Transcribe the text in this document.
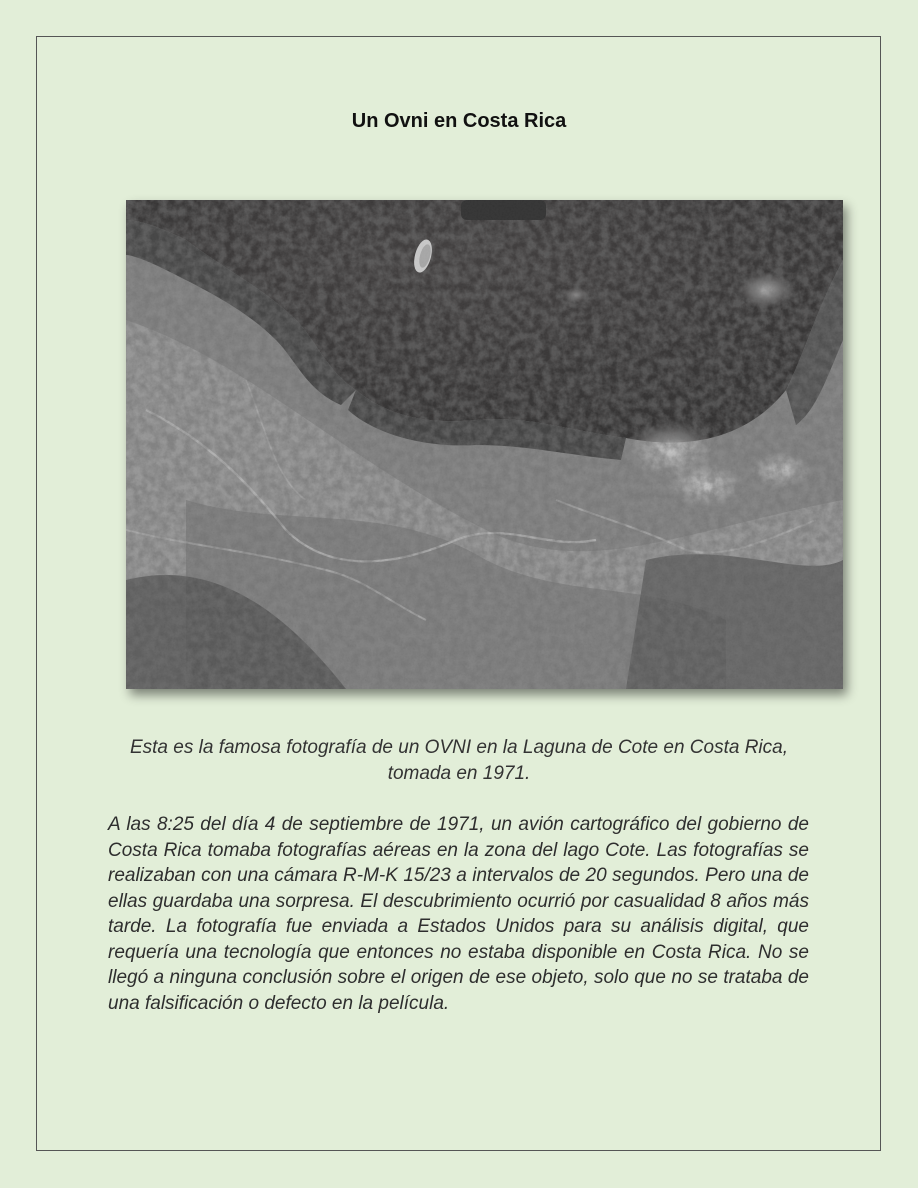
Un Ovni en Costa Rica
Esta es la famosa fotografía de un OVNI en la Laguna de Cote en Costa Rica, tomada en 1971.
A las 8:25 del día 4 de septiembre de 1971, un avión cartográfico del gobierno de Costa Rica tomaba fotografías aéreas en la zona del lago Cote. Las fotografías se realizaban con una cámara R-M-K 15/23 a intervalos de 20 segundos. Pero una de ellas guardaba una sorpresa. El descubrimiento ocurrió por casualidad 8 años más tarde. La fotografía fue enviada a Estados Unidos para su análisis digital, que requería una tecnología que entonces no estaba disponible en Costa Rica. No se llegó a ninguna conclusión sobre el origen de ese objeto, solo que no se trataba de una falsificación o defecto en la película.
